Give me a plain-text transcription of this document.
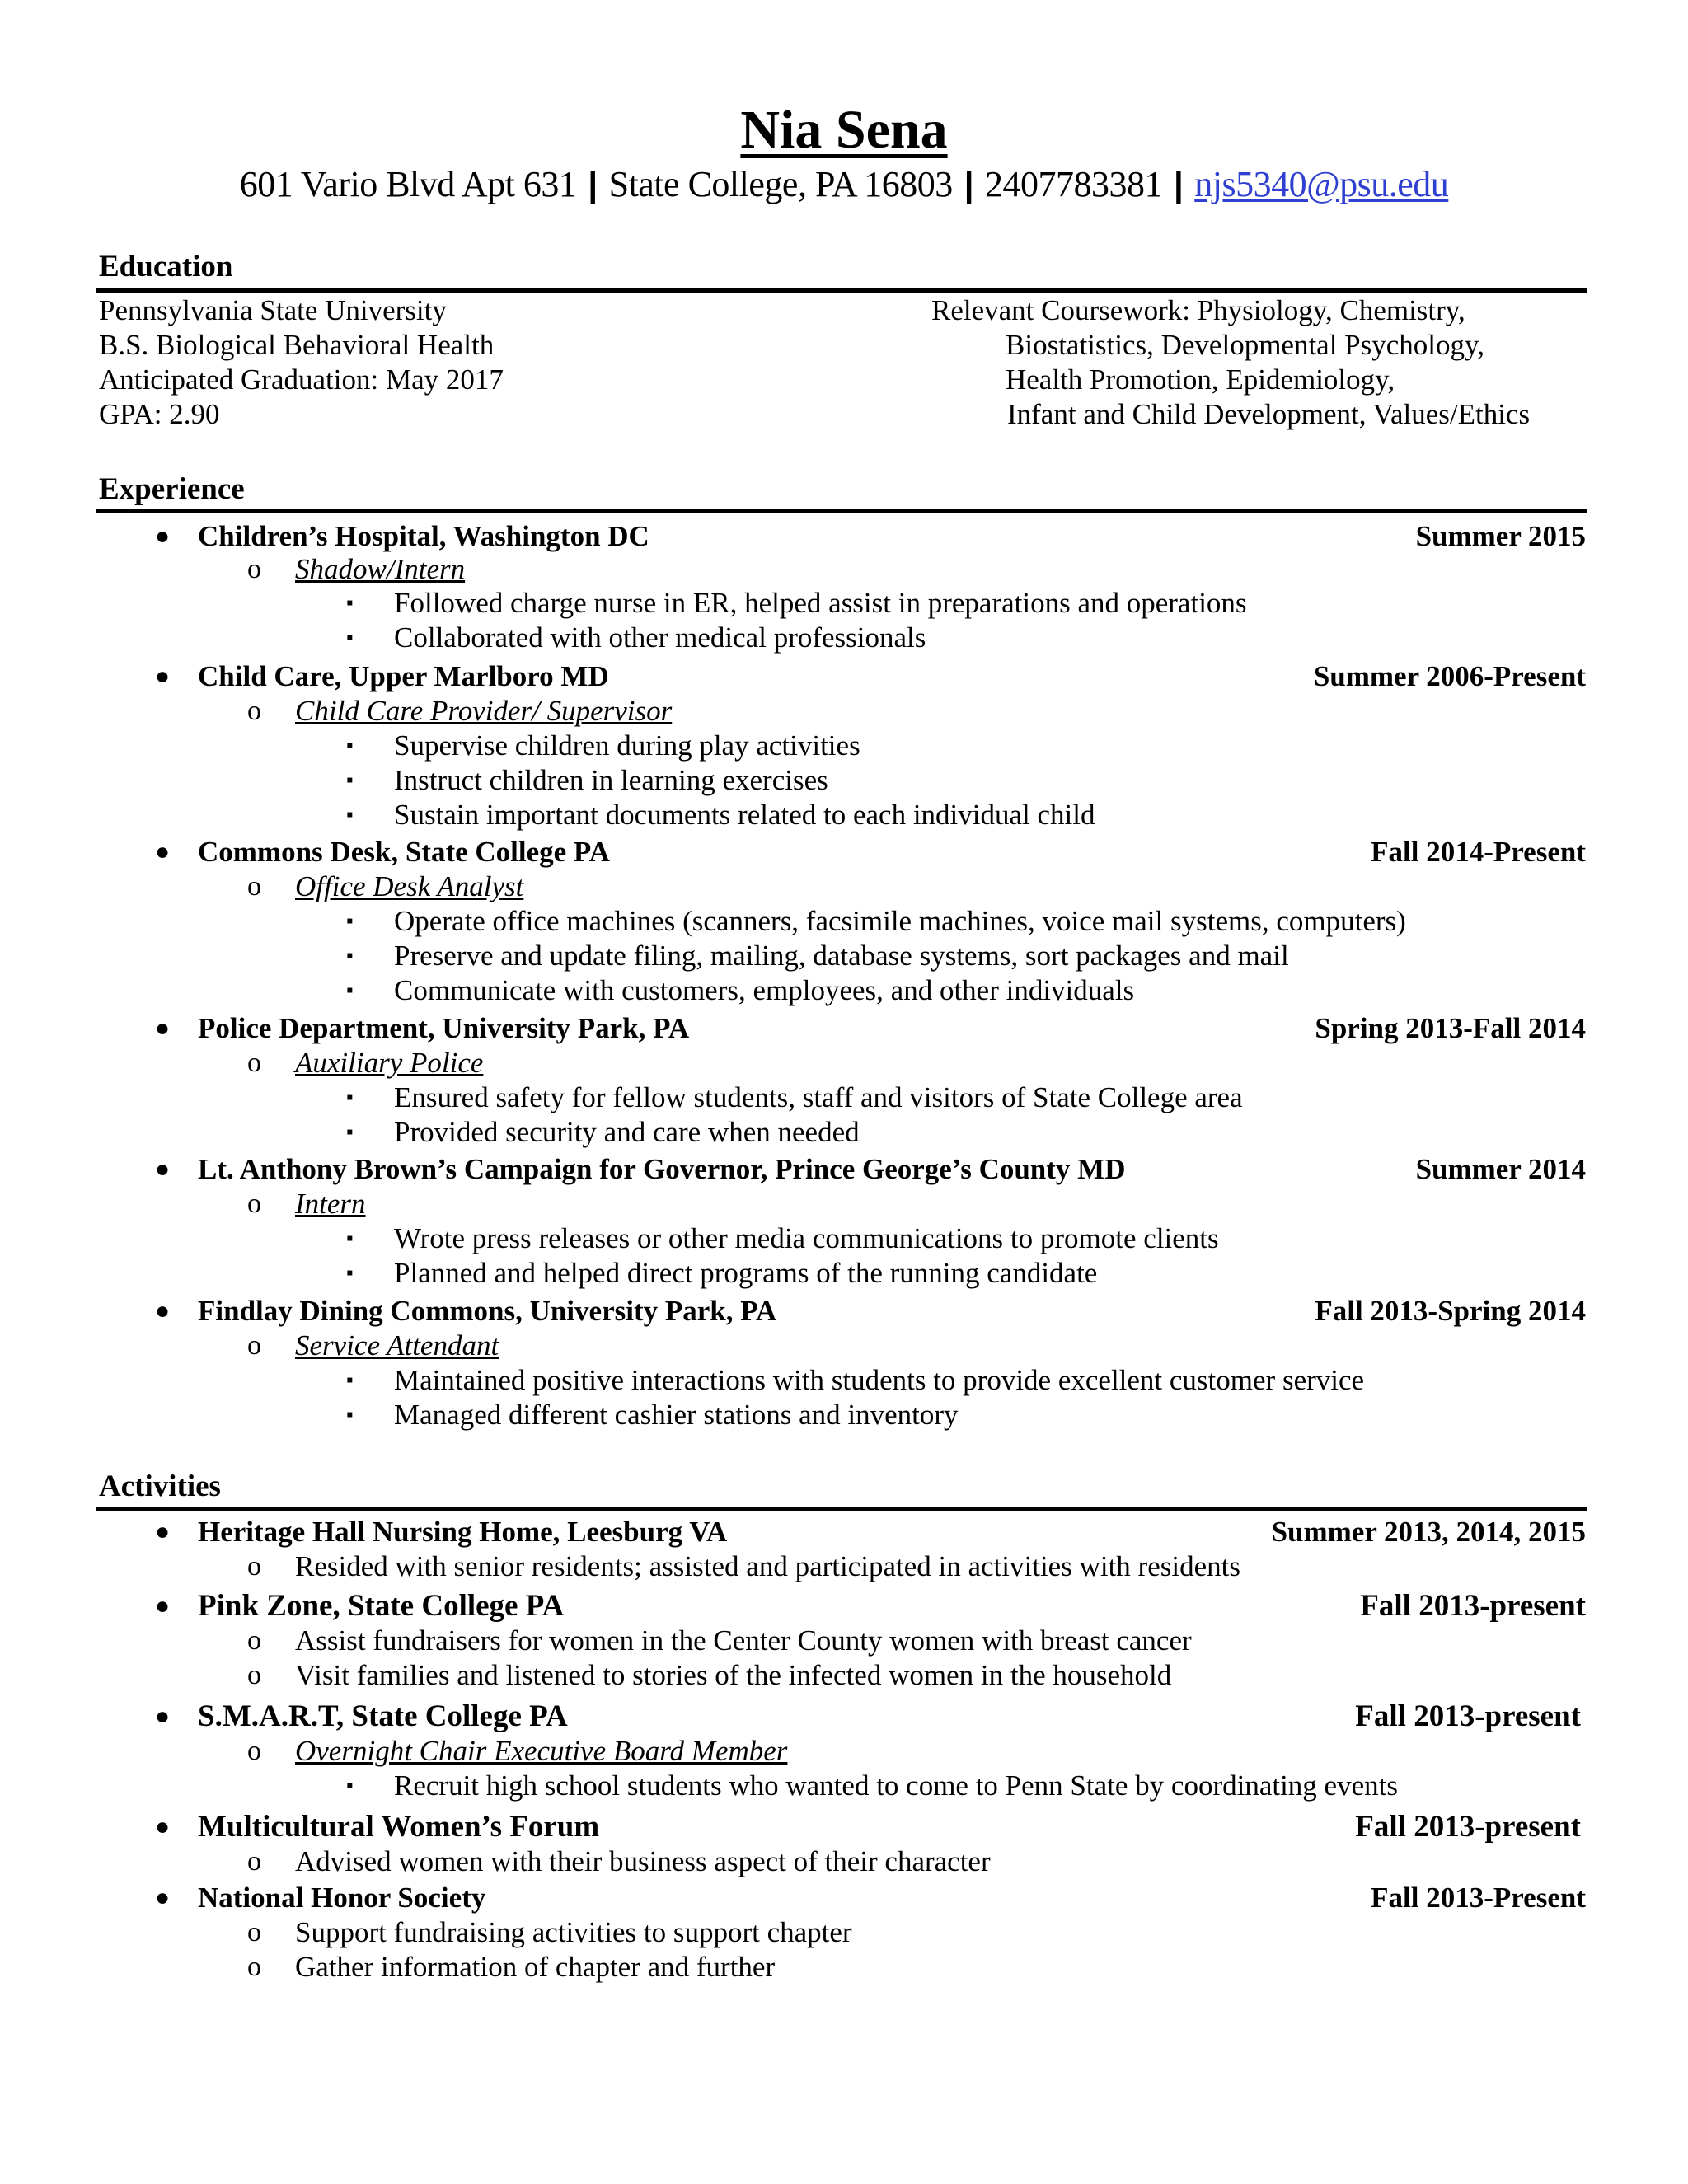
Nia Sena
601 Vario Blvd Apt 631 | State College, PA 16803 | 2407783381 | njs5340@psu.edu
Education
Pennsylvania State University
B.S. Biological Behavioral Health
Anticipated Graduation: May 2017
GPA: 2.90
Relevant Coursework: Physiology, Chemistry,
Biostatistics, Developmental Psychology,
Health Promotion, Epidemiology,
Infant and Child Development, Values/Ethics
Experience
● Children’s Hospital, Washington DC	Summer 2015
o Shadow/Intern
▪ Followed charge nurse in ER, helped assist in preparations and operations
▪ Collaborated with other medical professionals
● Child Care, Upper Marlboro MD	Summer 2006-Present
o Child Care Provider/ Supervisor
▪ Supervise children during play activities
▪ Instruct children in learning exercises
▪ Sustain important documents related to each individual child
● Commons Desk, State College PA	Fall 2014-Present
o Office Desk Analyst
▪ Operate office machines (scanners, facsimile machines, voice mail systems, computers)
▪ Preserve and update filing, mailing, database systems, sort packages and mail
▪ Communicate with customers, employees, and other individuals
● Police Department, University Park, PA	Spring 2013-Fall 2014
o Auxiliary Police
▪ Ensured safety for fellow students, staff and visitors of State College area
▪ Provided security and care when needed
● Lt. Anthony Brown’s Campaign for Governor, Prince George’s County MD	Summer 2014
o Intern
▪ Wrote press releases or other media communications to promote clients
▪ Planned and helped direct programs of the running candidate
● Findlay Dining Commons, University Park, PA	Fall 2013-Spring 2014
o Service Attendant
▪ Maintained positive interactions with students to provide excellent customer service
▪ Managed different cashier stations and inventory
Activities
● Heritage Hall Nursing Home, Leesburg VA	Summer 2013, 2014, 2015
o Resided with senior residents; assisted and participated in activities with residents
● Pink Zone, State College PA	Fall 2013-present
o Assist fundraisers for women in the Center County women with breast cancer
o Visit families and listened to stories of the infected women in the household
● S.M.A.R.T, State College PA	Fall 2013-present
o Overnight Chair Executive Board Member
▪ Recruit high school students who wanted to come to Penn State by coordinating events
● Multicultural Women’s Forum	Fall 2013-present
o Advised women with their business aspect of their character
● National Honor Society	Fall 2013-Present
o Support fundraising activities to support chapter
o Gather information of chapter and further
